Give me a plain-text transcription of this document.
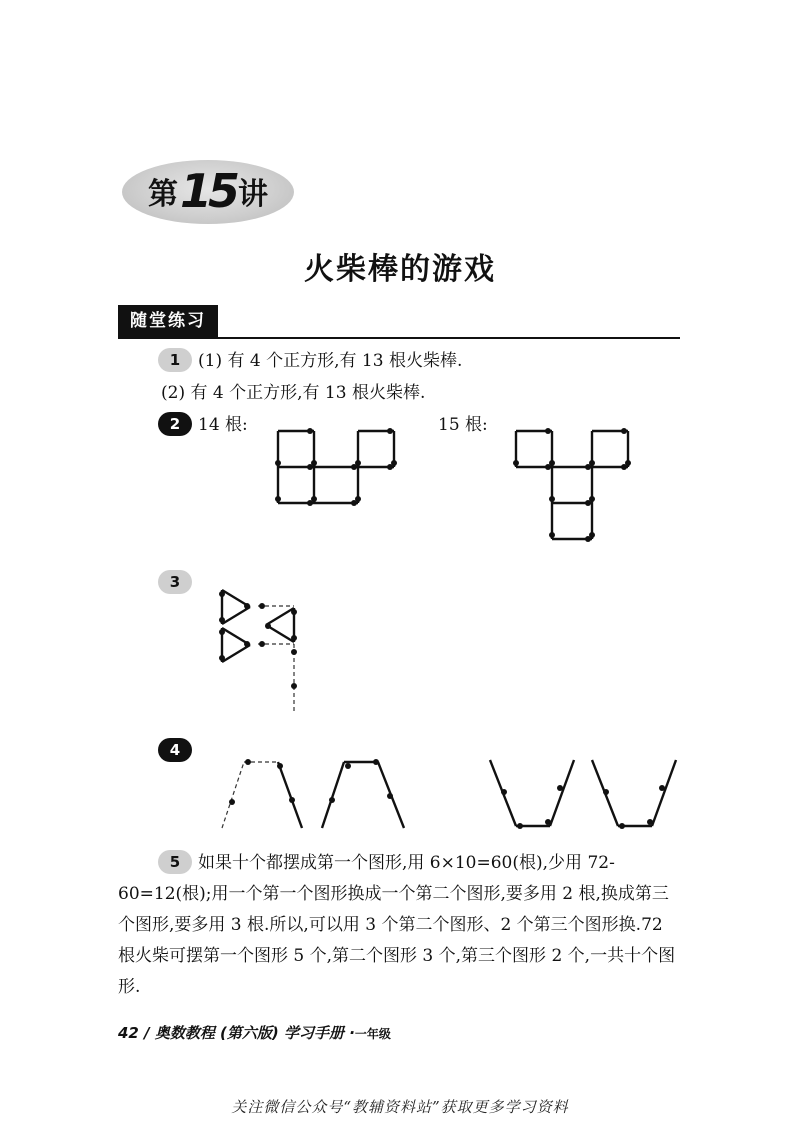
第15讲
火柴棒的游戏
随堂练习
1 (1) 有 4 个正方形,有 13 根火柴棒.
(2) 有 4 个正方形,有 13 根火柴棒.
2 14 根:	15 根:
3
4
5 如果十个都摆成第一个图形,用 6×10=60(根),少用 72-60=12(根);用一个第一个图形换成一个第二个图形,要多用 2 根,换成第三个图形,要多用 3 根.所以,可以用 3 个第二个图形、2 个第三个图形换.72 根火柴可摆第一个图形 5 个,第二个图形 3 个,第三个图形 2 个,一共十个图形.
42 / 奥数教程 (第六版) 学习手册 ·一年级
关注微信公众号“教辅资料站”获取更多学习资料
